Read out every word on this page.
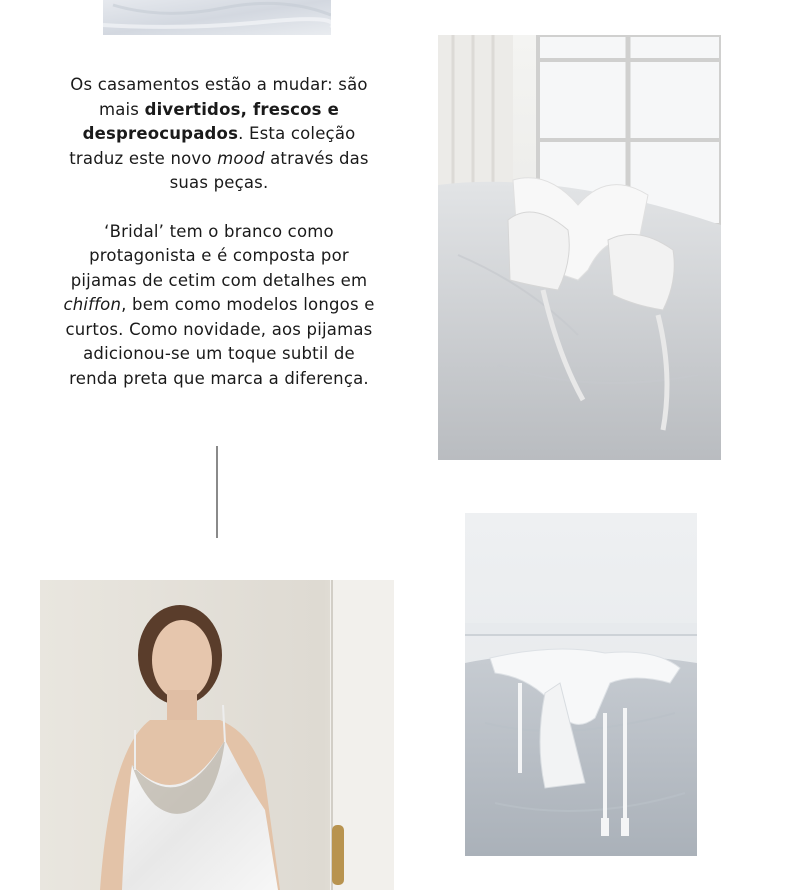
Os casamentos estão a mudar: são mais divertidos, frescos e despreocupados. Esta coleção traduz este novo mood através das suas peças.

‘Bridal’ tem o branco como protagonista e é composta por pijamas de cetim com detalhes em chiffon, bem como modelos longos e curtos. Como novidade, aos pijamas adicionou-se um toque subtil de renda preta que marca a diferença.
